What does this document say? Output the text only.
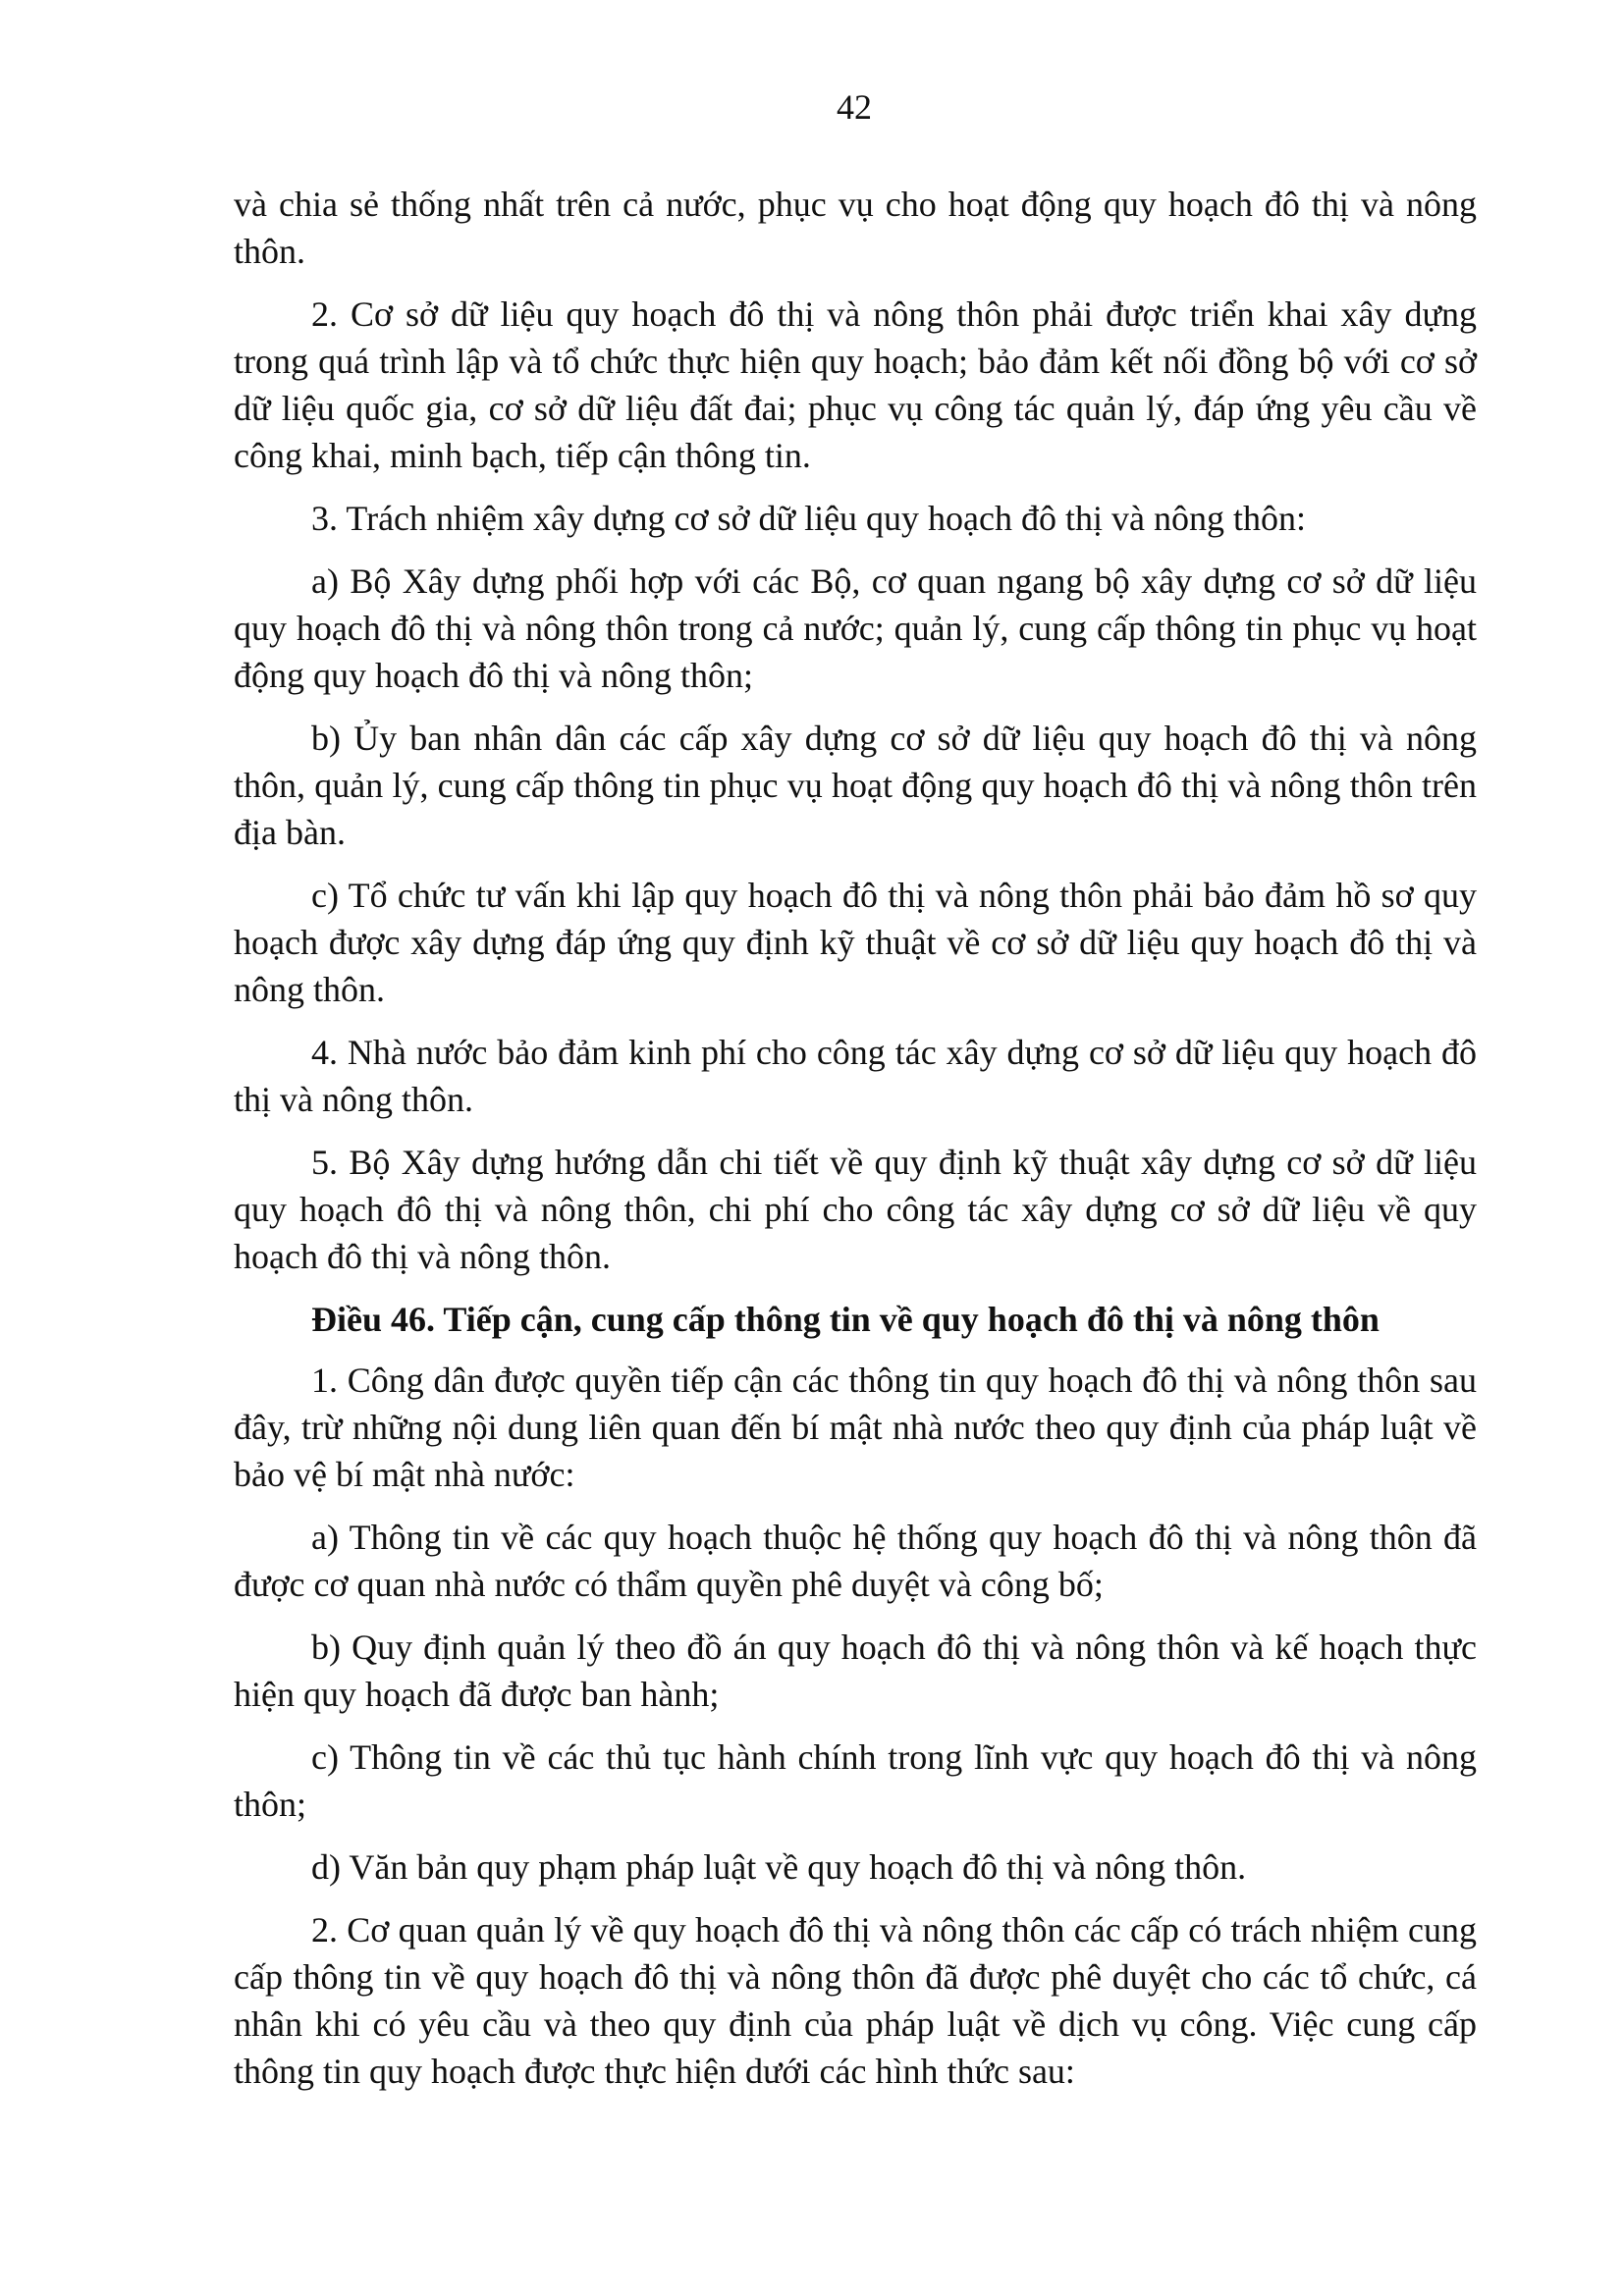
42

và chia sẻ thống nhất trên cả nước, phục vụ cho hoạt động quy hoạch đô thị và nông thôn.

2. Cơ sở dữ liệu quy hoạch đô thị và nông thôn phải được triển khai xây dựng trong quá trình lập và tổ chức thực hiện quy hoạch; bảo đảm kết nối đồng bộ với cơ sở dữ liệu quốc gia, cơ sở dữ liệu đất đai; phục vụ công tác quản lý, đáp ứng yêu cầu về công khai, minh bạch, tiếp cận thông tin.

3. Trách nhiệm xây dựng cơ sở dữ liệu quy hoạch đô thị và nông thôn:

a) Bộ Xây dựng phối hợp với các Bộ, cơ quan ngang bộ xây dựng cơ sở dữ liệu quy hoạch đô thị và nông thôn trong cả nước; quản lý, cung cấp thông tin phục vụ hoạt động quy hoạch đô thị và nông thôn;

b) Ủy ban nhân dân các cấp xây dựng cơ sở dữ liệu quy hoạch đô thị và nông thôn, quản lý, cung cấp thông tin phục vụ hoạt động quy hoạch đô thị và nông thôn trên địa bàn.

c) Tổ chức tư vấn khi lập quy hoạch đô thị và nông thôn phải bảo đảm hồ sơ quy hoạch được xây dựng đáp ứng quy định kỹ thuật về cơ sở dữ liệu quy hoạch đô thị và nông thôn.

4. Nhà nước bảo đảm kinh phí cho công tác xây dựng cơ sở dữ liệu quy hoạch đô thị và nông thôn.

5. Bộ Xây dựng hướng dẫn chi tiết về quy định kỹ thuật xây dựng cơ sở dữ liệu quy hoạch đô thị và nông thôn, chi phí cho công tác xây dựng cơ sở dữ liệu về quy hoạch đô thị và nông thôn.

Điều 46. Tiếp cận, cung cấp thông tin về quy hoạch đô thị và nông thôn

1. Công dân được quyền tiếp cận các thông tin quy hoạch đô thị và nông thôn sau đây, trừ những nội dung liên quan đến bí mật nhà nước theo quy định của pháp luật về bảo vệ bí mật nhà nước:

a) Thông tin về các quy hoạch thuộc hệ thống quy hoạch đô thị và nông thôn đã được cơ quan nhà nước có thẩm quyền phê duyệt và công bố;

b) Quy định quản lý theo đồ án quy hoạch đô thị và nông thôn và kế hoạch thực hiện quy hoạch đã được ban hành;

c) Thông tin về các thủ tục hành chính trong lĩnh vực quy hoạch đô thị và nông thôn;

d) Văn bản quy phạm pháp luật về quy hoạch đô thị và nông thôn.

2. Cơ quan quản lý về quy hoạch đô thị và nông thôn các cấp có trách nhiệm cung cấp thông tin về quy hoạch đô thị và nông thôn đã được phê duyệt cho các tổ chức, cá nhân khi có yêu cầu và theo quy định của pháp luật về dịch vụ công. Việc cung cấp thông tin quy hoạch được thực hiện dưới các hình thức sau:
